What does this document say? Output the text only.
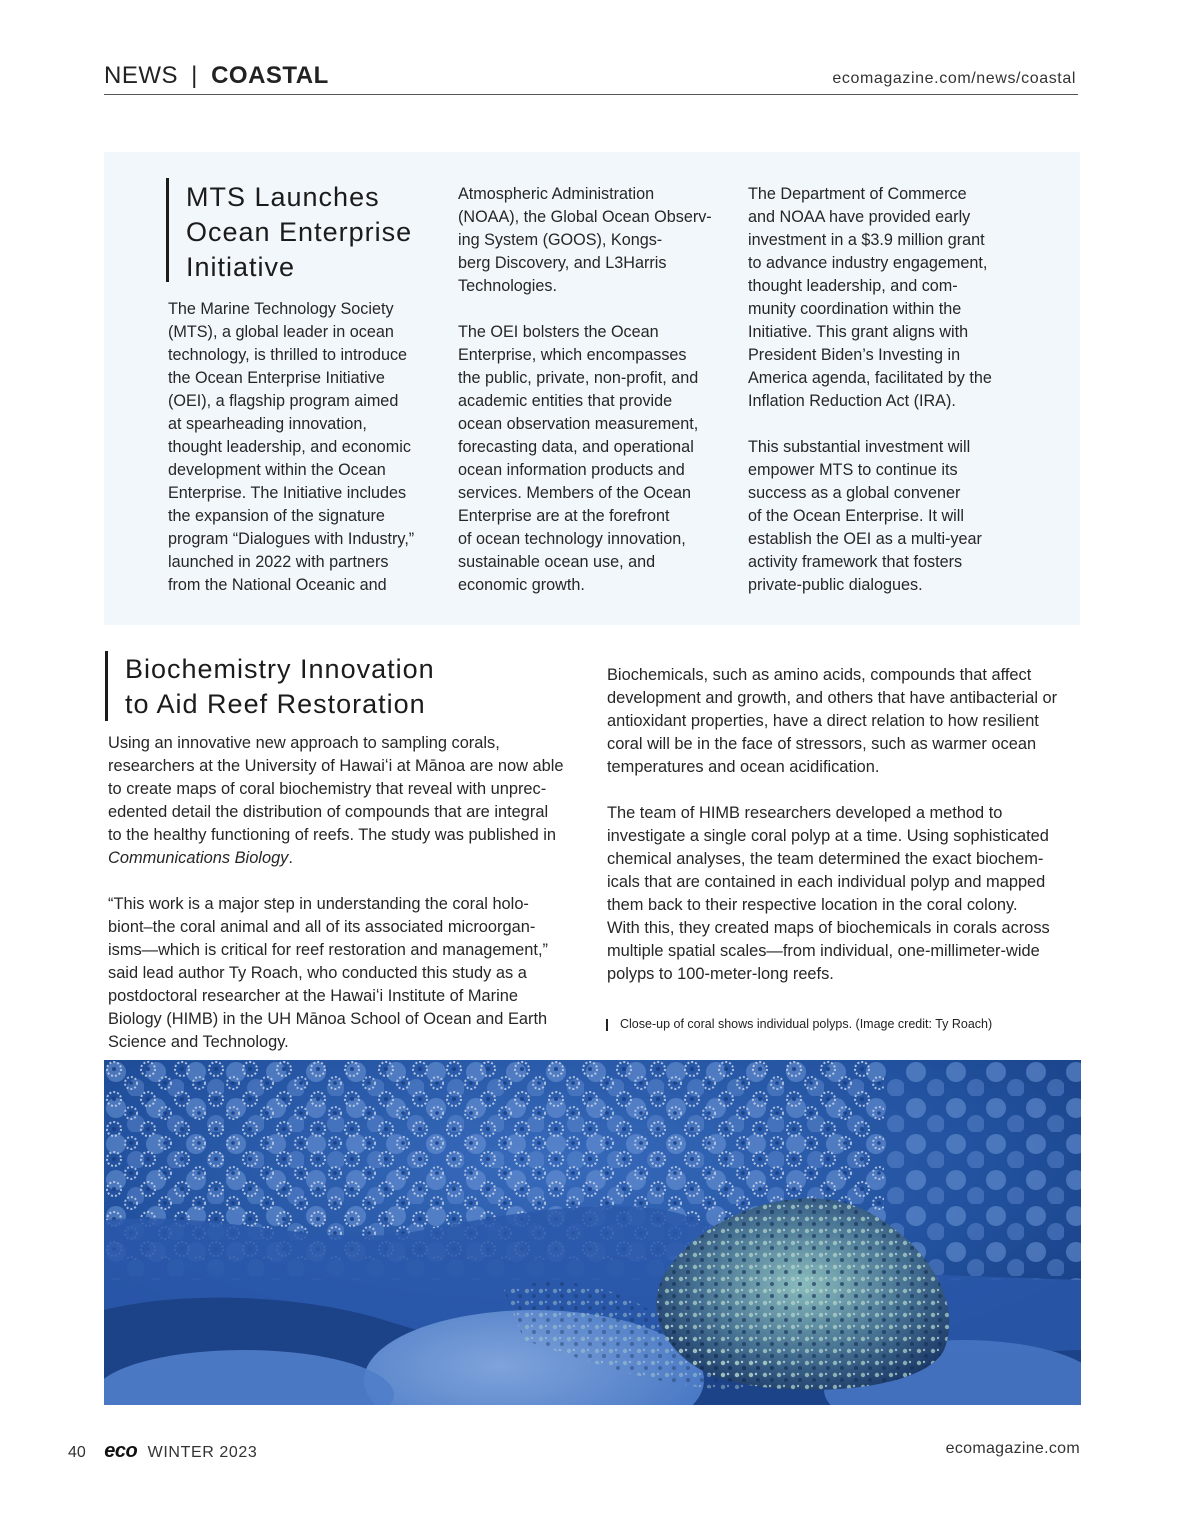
NEWS | COASTAL	ecomagazine.com/news/coastal
MTS Launches
Ocean Enterprise
Initiative
The Marine Technology Society
(MTS), a global leader in ocean
technology, is thrilled to introduce
the Ocean Enterprise Initiative
(OEI), a flagship program aimed
at spearheading innovation,
thought leadership, and economic
development within the Ocean
Enterprise. The Initiative includes
the expansion of the signature
program “Dialogues with Industry,”
launched in 2022 with partners
from the National Oceanic and
Atmospheric Administration
(NOAA), the Global Ocean Observ-
ing System (GOOS), Kongs-
berg Discovery, and L3Harris
Technologies.
The OEI bolsters the Ocean
Enterprise, which encompasses
the public, private, non-profit, and
academic entities that provide
ocean observation measurement,
forecasting data, and operational
ocean information products and
services. Members of the Ocean
Enterprise are at the forefront
of ocean technology innovation,
sustainable ocean use, and
economic growth.
The Department of Commerce
and NOAA have provided early
investment in a $3.9 million grant
to advance industry engagement,
thought leadership, and com-
munity coordination within the
Initiative. This grant aligns with
President Biden’s Investing in
America agenda, facilitated by the
Inflation Reduction Act (IRA).
This substantial investment will
empower MTS to continue its
success as a global convener
of the Ocean Enterprise. It will
establish the OEI as a multi-year
activity framework that fosters
private-public dialogues.
Biochemistry Innovation
to Aid Reef Restoration
Using an innovative new approach to sampling corals,
researchers at the University of Hawaiʻi at Mānoa are now able
to create maps of coral biochemistry that reveal with unprec-
edented detail the distribution of compounds that are integral
to the healthy functioning of reefs. The study was published in
Communications Biology.
“This work is a major step in understanding the coral holo-
biont–the coral animal and all of its associated microorgan-
isms—which is critical for reef restoration and management,”
said lead author Ty Roach, who conducted this study as a
postdoctoral researcher at the Hawaiʻi Institute of Marine
Biology (HIMB) in the UH Mānoa School of Ocean and Earth
Science and Technology.
Biochemicals, such as amino acids, compounds that affect
development and growth, and others that have antibacterial or
antioxidant properties, have a direct relation to how resilient
coral will be in the face of stressors, such as warmer ocean
temperatures and ocean acidification.
The team of HIMB researchers developed a method to
investigate a single coral polyp at a time. Using sophisticated
chemical analyses, the team determined the exact biochem-
icals that are contained in each individual polyp and mapped
them back to their respective location in the coral colony.
With this, they created maps of biochemicals in corals across
multiple spatial scales—from individual, one-millimeter-wide
polyps to 100-meter-long reefs.
Close-up of coral shows individual polyps. (Image credit: Ty Roach)
40 eco WINTER 2023	ecomagazine.com
